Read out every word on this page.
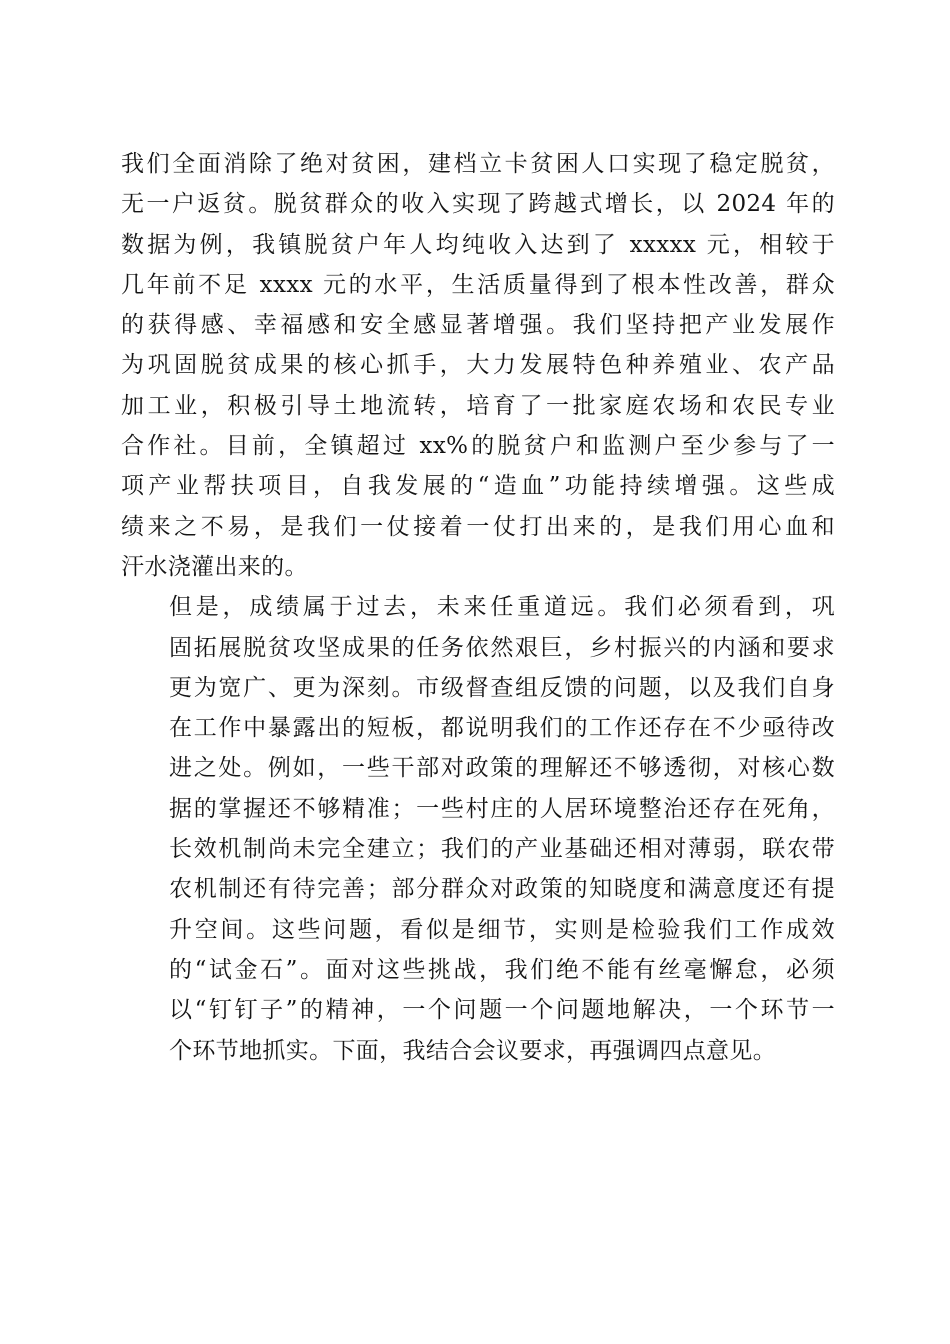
我们全面消除了绝对贫困，建档立卡贫困人口实现了稳定脱贫，
无一户返贫。脱贫群众的收入实现了跨越式增长，以 2024 年的
数据为例，我镇脱贫户年人均纯收入达到了 xxxxx 元，相较于
几年前不足 xxxx 元的水平，生活质量得到了根本性改善，群众
的获得感、幸福感和安全感显著增强。我们坚持把产业发展作
为巩固脱贫成果的核心抓手，大力发展特色种养殖业、农产品
加工业，积极引导土地流转，培育了一批家庭农场和农民专业
合作社。目前，全镇超过 xx%的脱贫户和监测户至少参与了一
项产业帮扶项目，自我发展的“造血”功能持续增强。这些成
绩来之不易，是我们一仗接着一仗打出来的，是我们用心血和
汗水浇灌出来的。

但是，成绩属于过去，未来任重道远。我们必须看到，巩
固拓展脱贫攻坚成果的任务依然艰巨，乡村振兴的内涵和要求
更为宽广、更为深刻。市级督查组反馈的问题，以及我们自身
在工作中暴露出的短板，都说明我们的工作还存在不少亟待改
进之处。例如，一些干部对政策的理解还不够透彻，对核心数
据的掌握还不够精准；一些村庄的人居环境整治还存在死角，
长效机制尚未完全建立；我们的产业基础还相对薄弱，联农带
农机制还有待完善；部分群众对政策的知晓度和满意度还有提
升空间。这些问题，看似是细节，实则是检验我们工作成效
的“试金石”。面对这些挑战，我们绝不能有丝毫懈怠，必须
以“钉钉子”的精神，一个问题一个问题地解决，一个环节一
个环节地抓实。下面，我结合会议要求，再强调四点意见。
